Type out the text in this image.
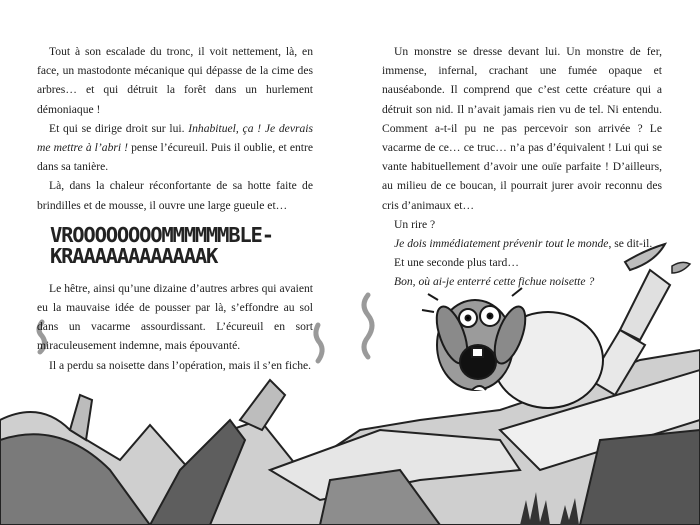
Tout à son escalade du tronc, il voit nettement, là, en face, un mastodonte mécanique qui dépasse de la cime des arbres… et qui détruit la forêt dans un hurlement démoniaque !

Et qui se dirige droit sur lui. Inhabituel, ça ! Je devrais me mettre à l’abri ! pense l’écureuil. Puis il oublie, et entre dans sa tanière.

Là, dans la chaleur réconfortante de sa hotte faite de brindilles et de mousse, il ouvre une large gueule et…

VROOOOOOOOMMMMMMBLE-KRAAAAAAAAAAAAK

Le hêtre, ainsi qu’une dizaine d’autres arbres qui avaient eu la mauvaise idée de pousser par là, s’effondre au sol dans un vacarme assourdissant. L’écureuil en sort miraculeusement indemne, mais épouvanté.

Il a perdu sa noisette dans l’opération, mais il s’en fiche.

Un monstre se dresse devant lui. Un monstre de fer, immense, infernal, crachant une fumée opaque et nauséabonde. Il comprend que c’est cette créature qui a détruit son nid. Il n’avait jamais rien vu de tel. Ni entendu. Comment a-t-il pu ne pas percevoir son arrivée ? Le vacarme de ce… ce truc… n’a pas d’équivalent ! Lui qui se vante habituellement d’avoir une ouïe parfaite ! D’ailleurs, au milieu de ce boucan, il pourrait jurer avoir reconnu des cris d’animaux et…

Un rire ?

Je dois immédiatement prévenir tout le monde, se dit-il.

Et une seconde plus tard…

Bon, où ai-je enterré cette fichue noisette ?
